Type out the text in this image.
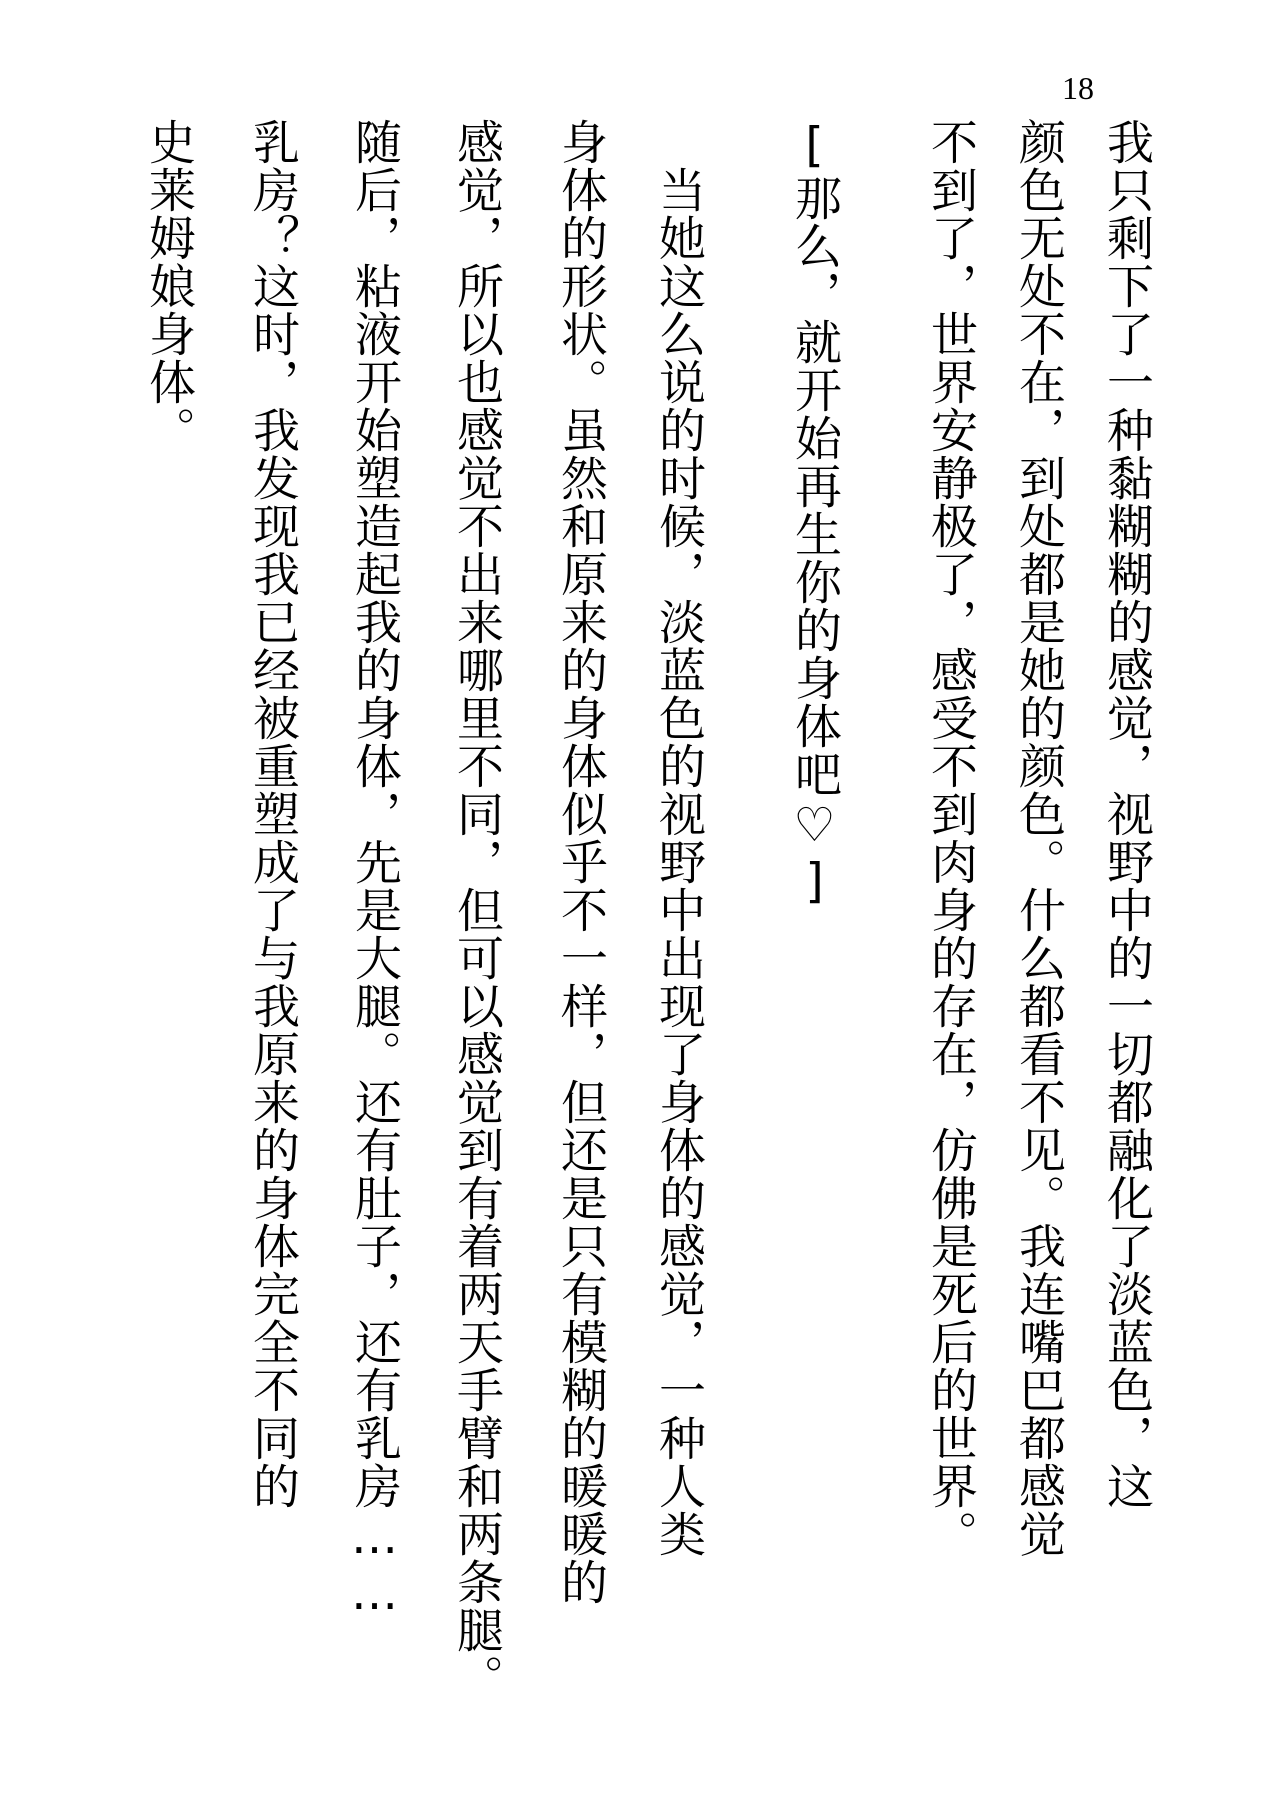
18
我只剩下了一种黏糊糊的感觉，视野中的一切都融化了淡蓝色，这
颜色无处不在，到处都是她的颜色。什么都看不见。我连嘴巴都感觉
不到了，世界安静极了，感受不到肉身的存在，仿佛是死后的世界。
[那么，就开始再生你的身体吧♡]
当她这么说的时候，淡蓝色的视野中出现了身体的感觉，一种人类
身体的形状。虽然和原来的身体似乎不一样，但还是只有模糊的暖暖的
感觉，所以也感觉不出来哪里不同，但可以感觉到有着两天手臂和两条腿。
随后，粘液开始塑造起我的身体，先是大腿。还有肚子，还有乳房……
乳房？这时，我发现我已经被重塑成了与我原来的身体完全不同的
史莱姆娘身体。
